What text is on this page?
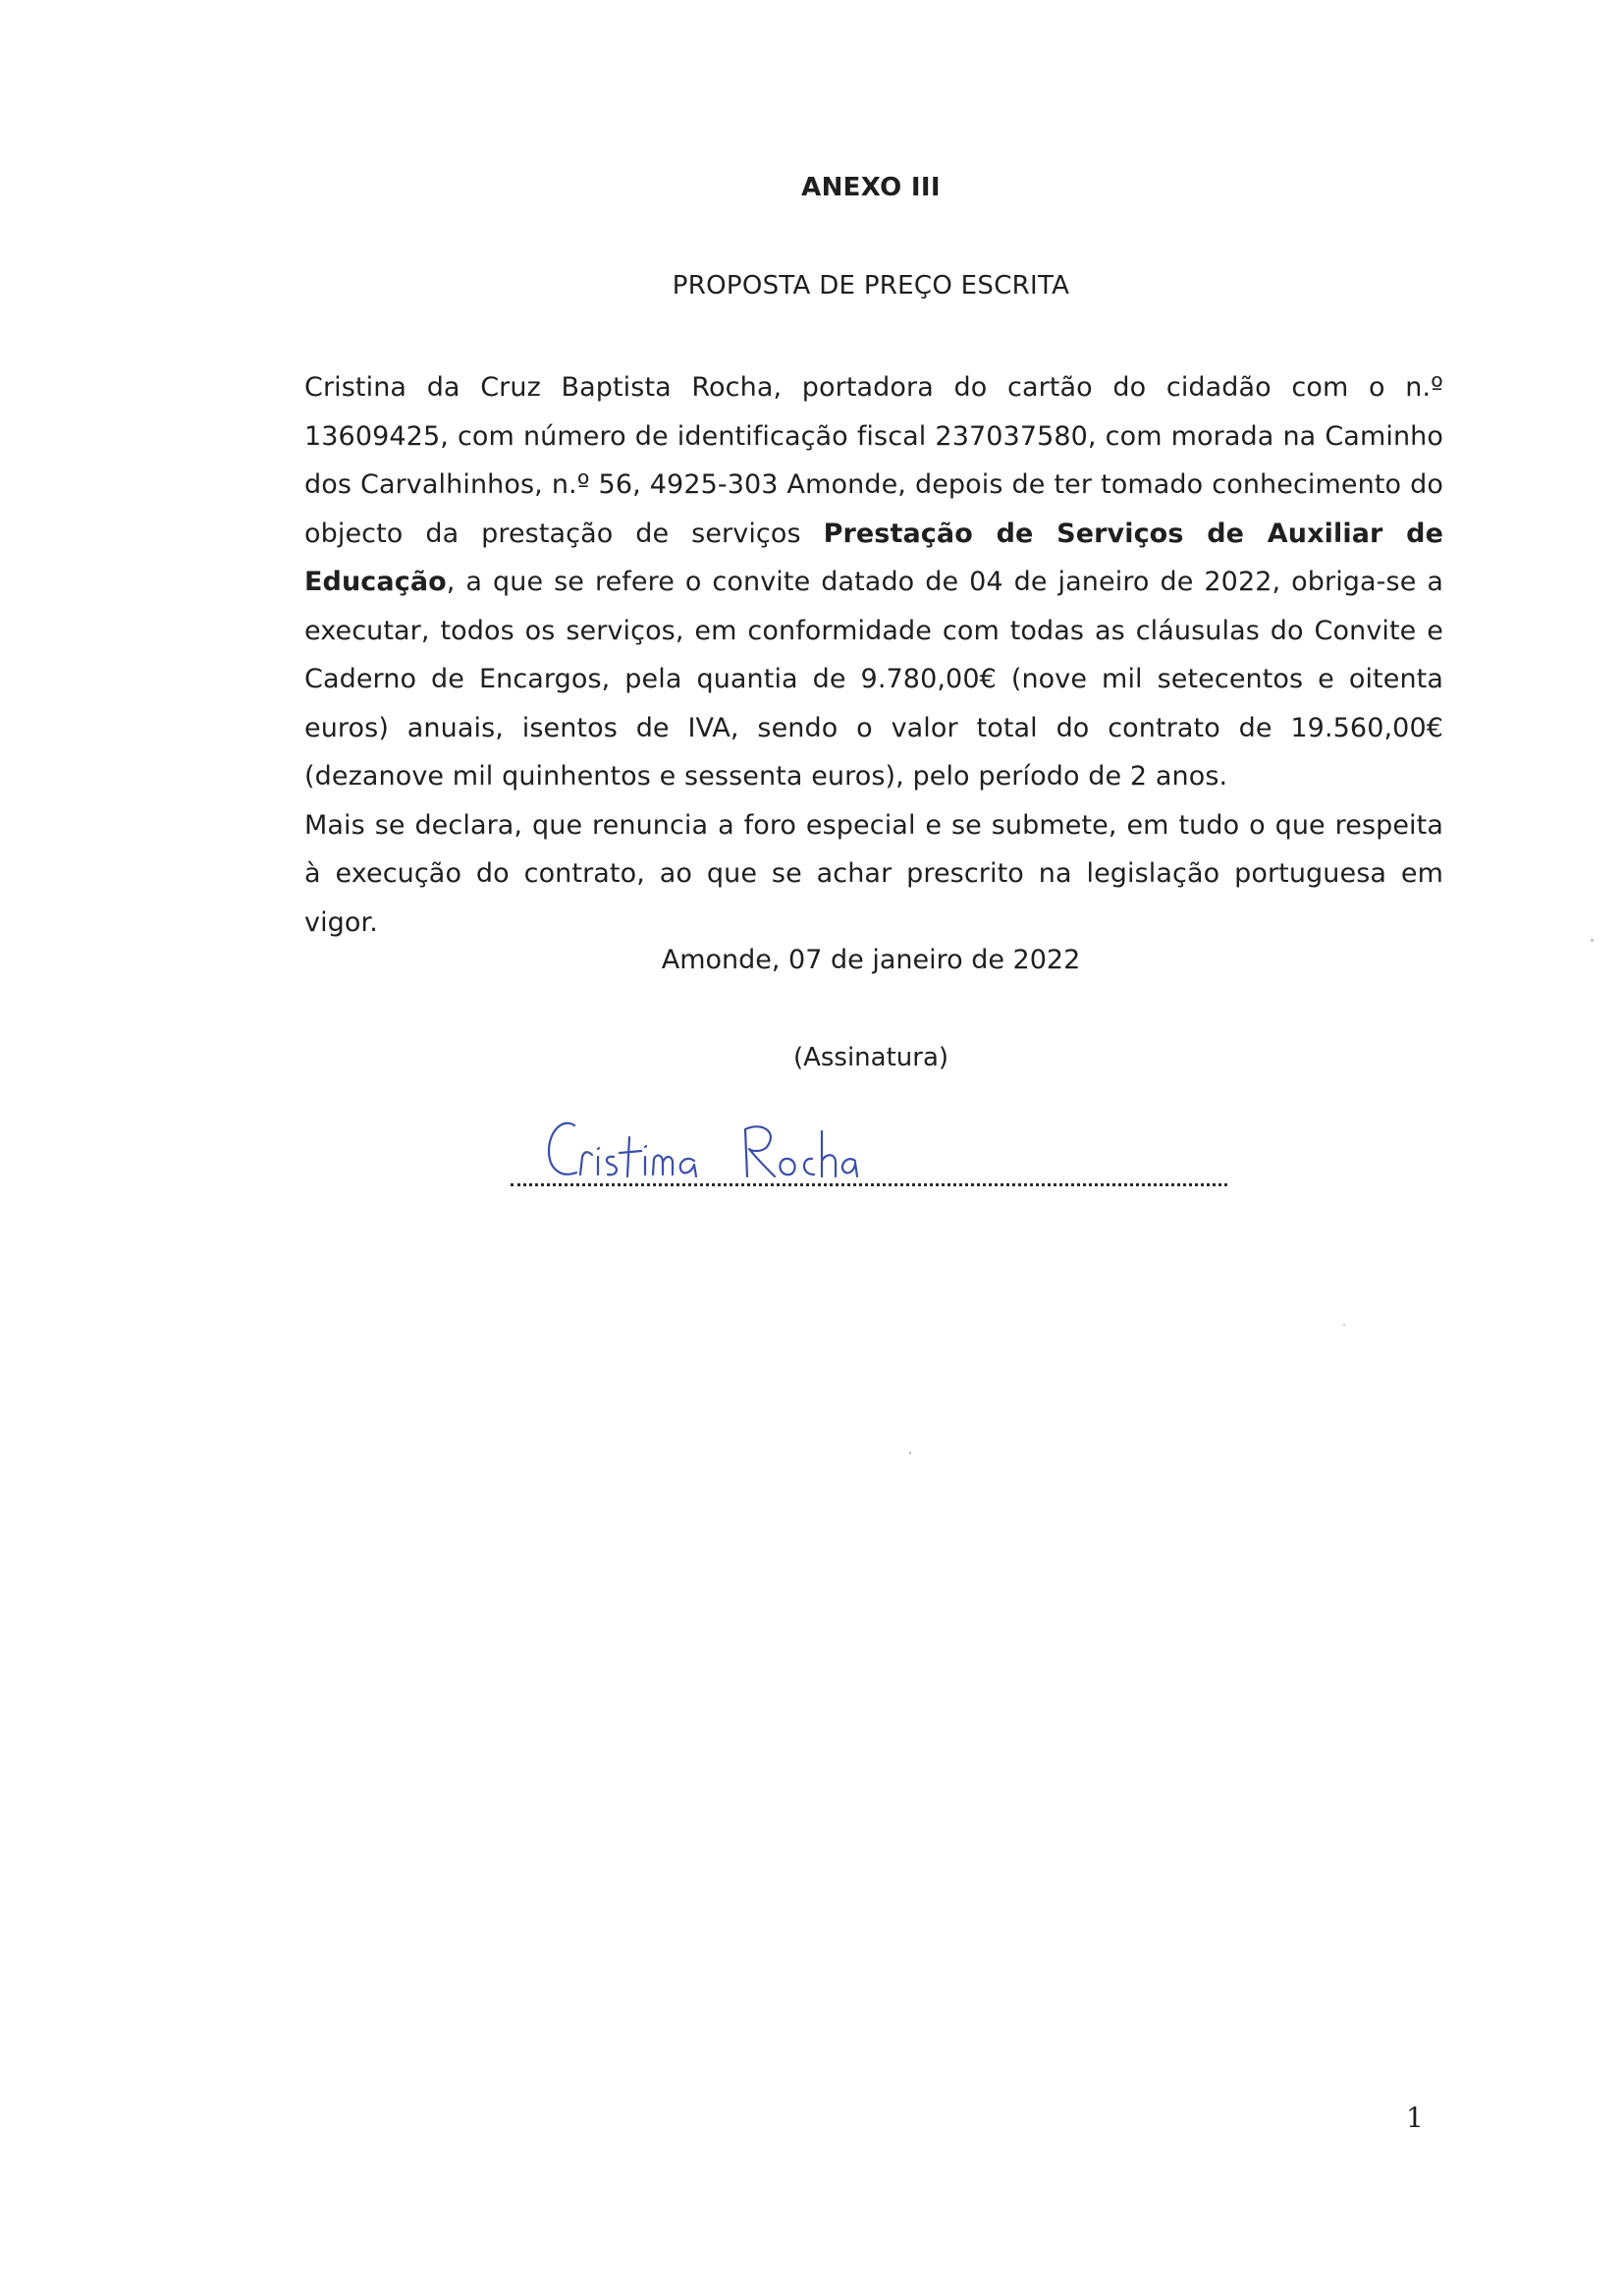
ANEXO III
PROPOSTA DE PREÇO ESCRITA

Cristina da Cruz Baptista Rocha, portadora do cartão do cidadão com o n.º 13609425, com número de identificação fiscal 237037580, com morada na Caminho dos Carvalhinhos, n.º 56, 4925-303 Amonde, depois de ter tomado conhecimento do objecto da prestação de serviços Prestação de Serviços de Auxiliar de Educação, a que se refere o convite datado de 04 de janeiro de 2022, obriga-se a executar, todos os serviços, em conformidade com todas as cláusulas do Convite e Caderno de Encargos, pela quantia de 9.780,00€ (nove mil setecentos e oitenta euros) anuais, isentos de IVA, sendo o valor total do contrato de 19.560,00€ (dezanove mil quinhentos e sessenta euros), pelo período de 2 anos.

Mais se declara, que renuncia a foro especial e se submete, em tudo o que respeita à execução do contrato, ao que se achar prescrito na legislação portuguesa em vigor.

Amonde, 07 de janeiro de 2022
(Assinatura)
1
